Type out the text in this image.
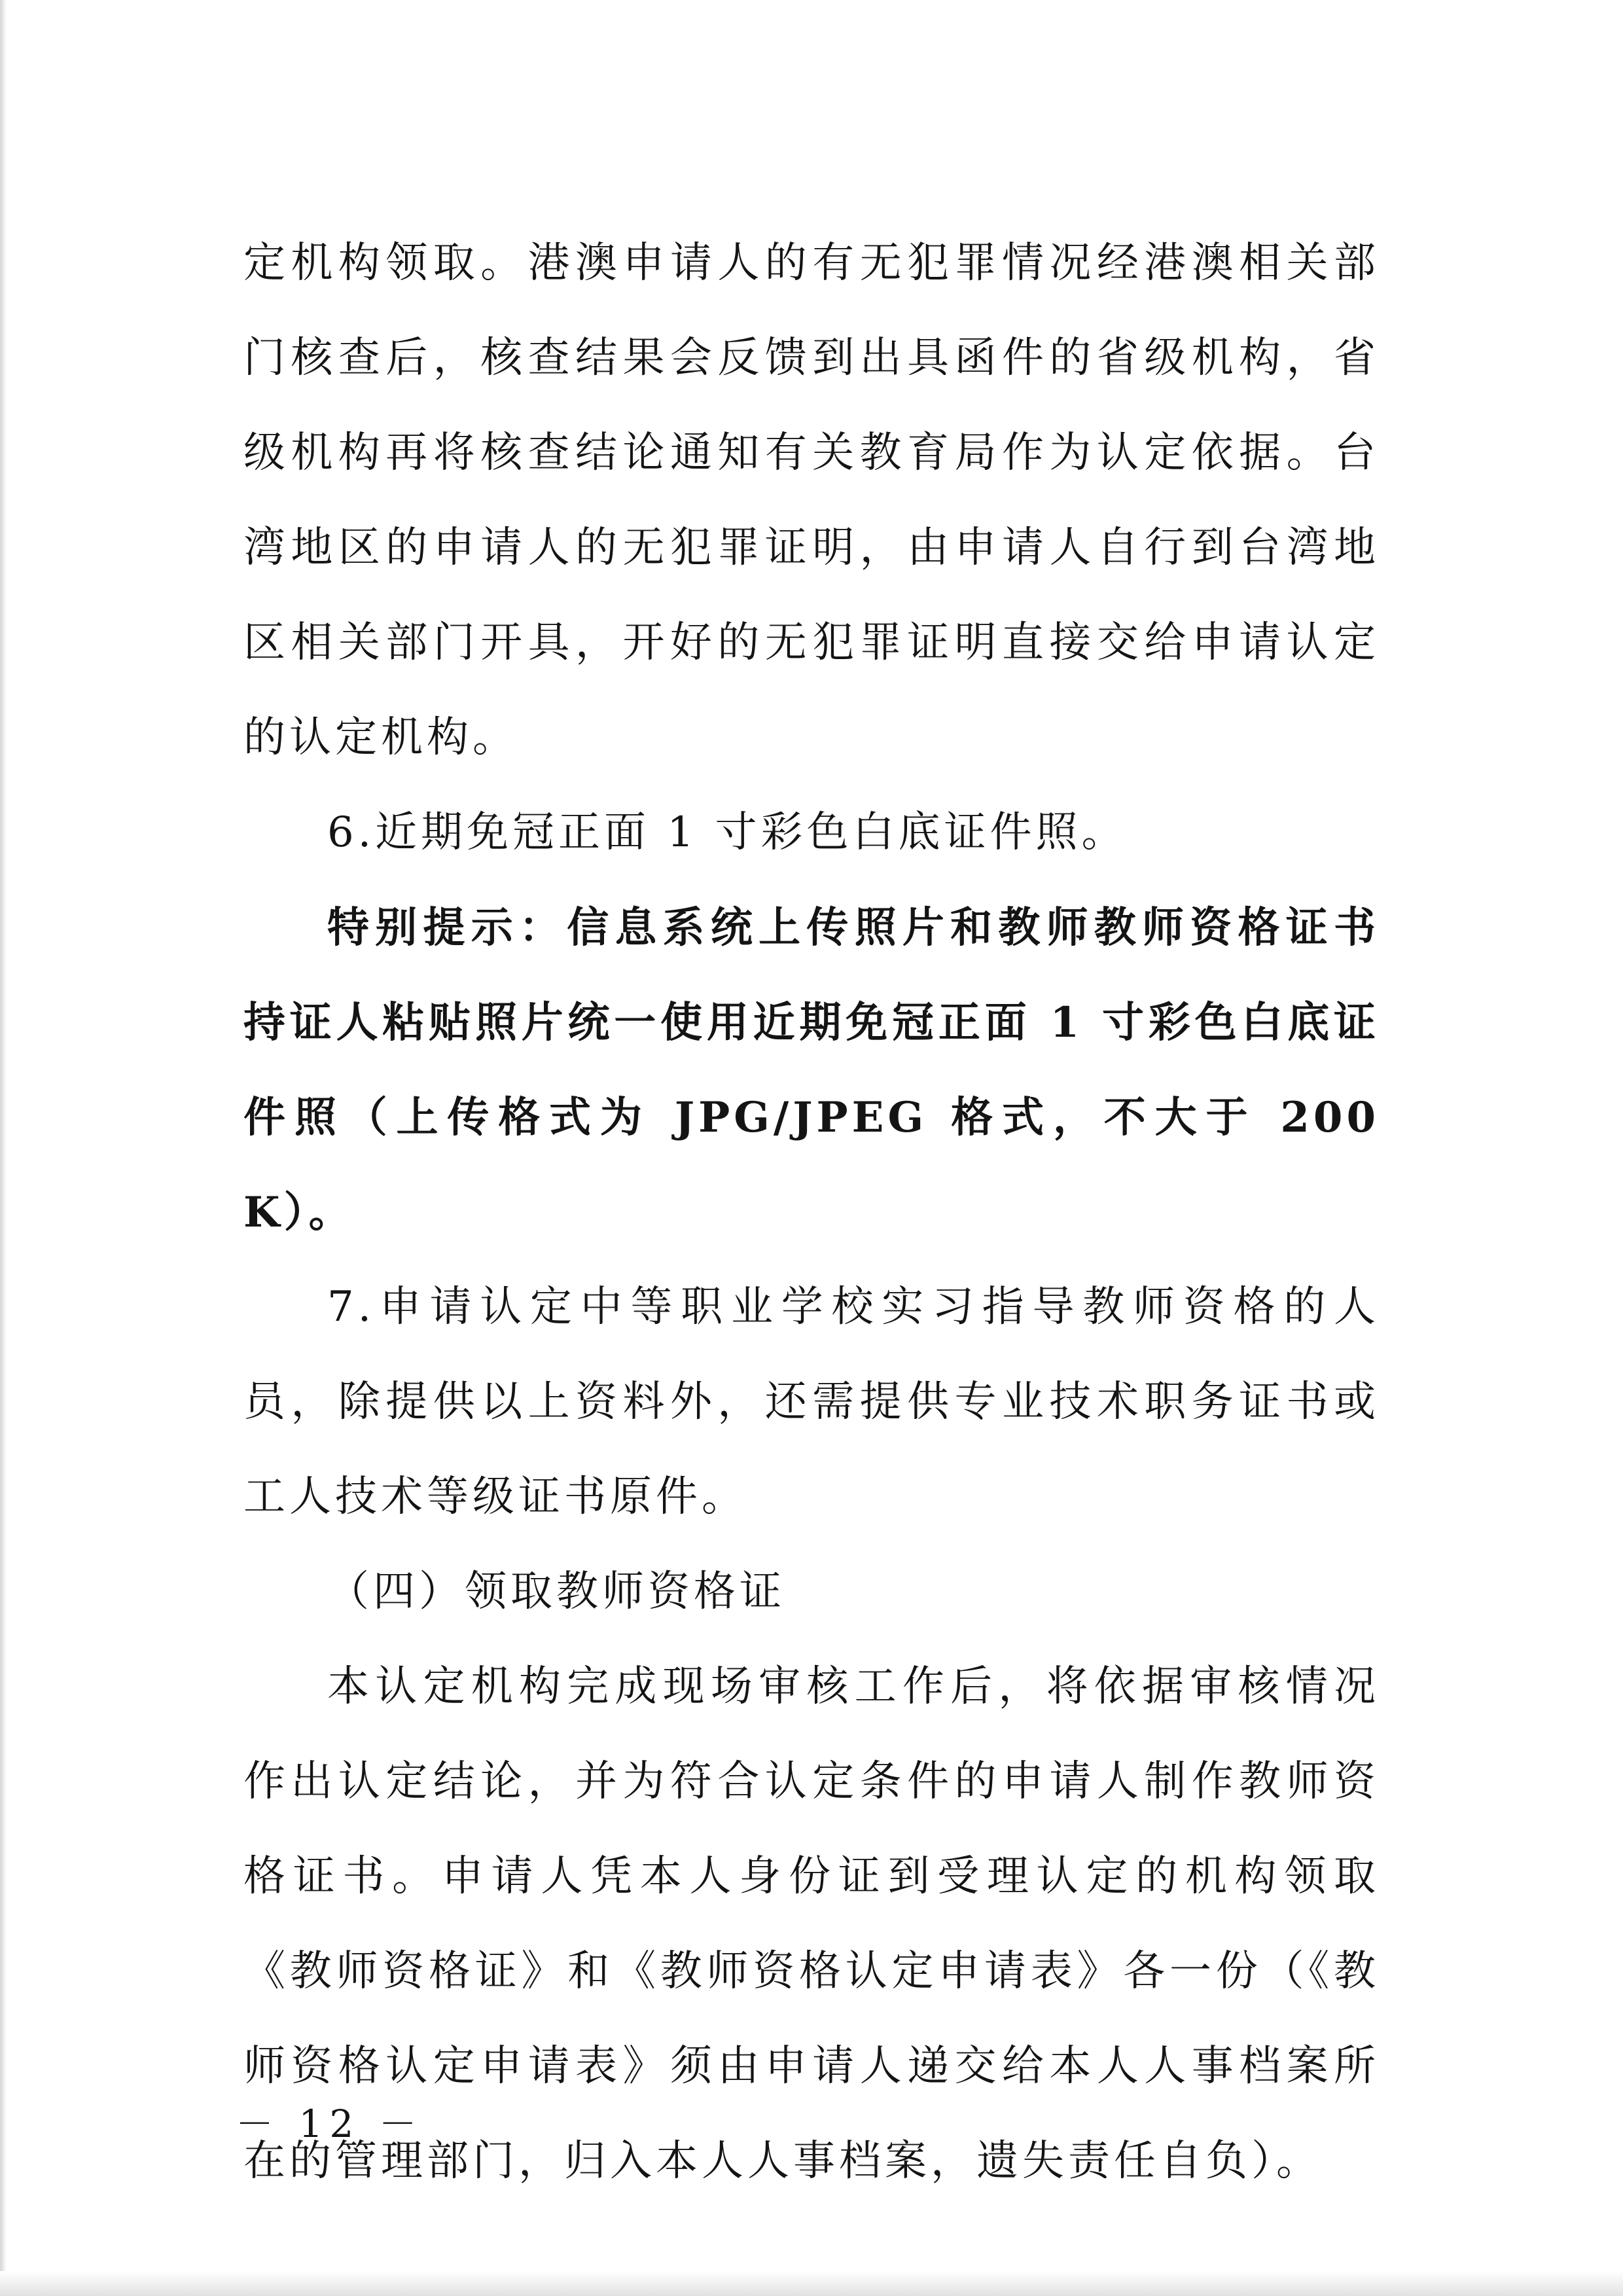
定机构领取。港澳申请人的有无犯罪情况经港澳相关部门核查后，核查结果会反馈到出具函件的省级机构，省级机构再将核查结论通知有关教育局作为认定依据。台湾地区的申请人的无犯罪证明，由申请人自行到台湾地区相关部门开具，开好的无犯罪证明直接交给申请认定的认定机构。

6.近期免冠正面 1 寸彩色白底证件照。

特别提示：信息系统上传照片和教师教师资格证书持证人粘贴照片统一使用近期免冠正面 1 寸彩色白底证件照（上传格式为 JPG/JPEG 格式，不大于 200K）。

7.申请认定中等职业学校实习指导教师资格的人员，除提供以上资料外，还需提供专业技术职务证书或工人技术等级证书原件。

（四）领取教师资格证

本认定机构完成现场审核工作后，将依据审核情况作出认定结论，并为符合认定条件的申请人制作教师资格证书。申请人凭本人身份证到受理认定的机构领取《教师资格证》和《教师资格认定申请表》各一份（《教师资格认定申请表》须由申请人递交给本人人事档案所在的管理部门，归入本人人事档案，遗失责任自负）。

－ 12 －
